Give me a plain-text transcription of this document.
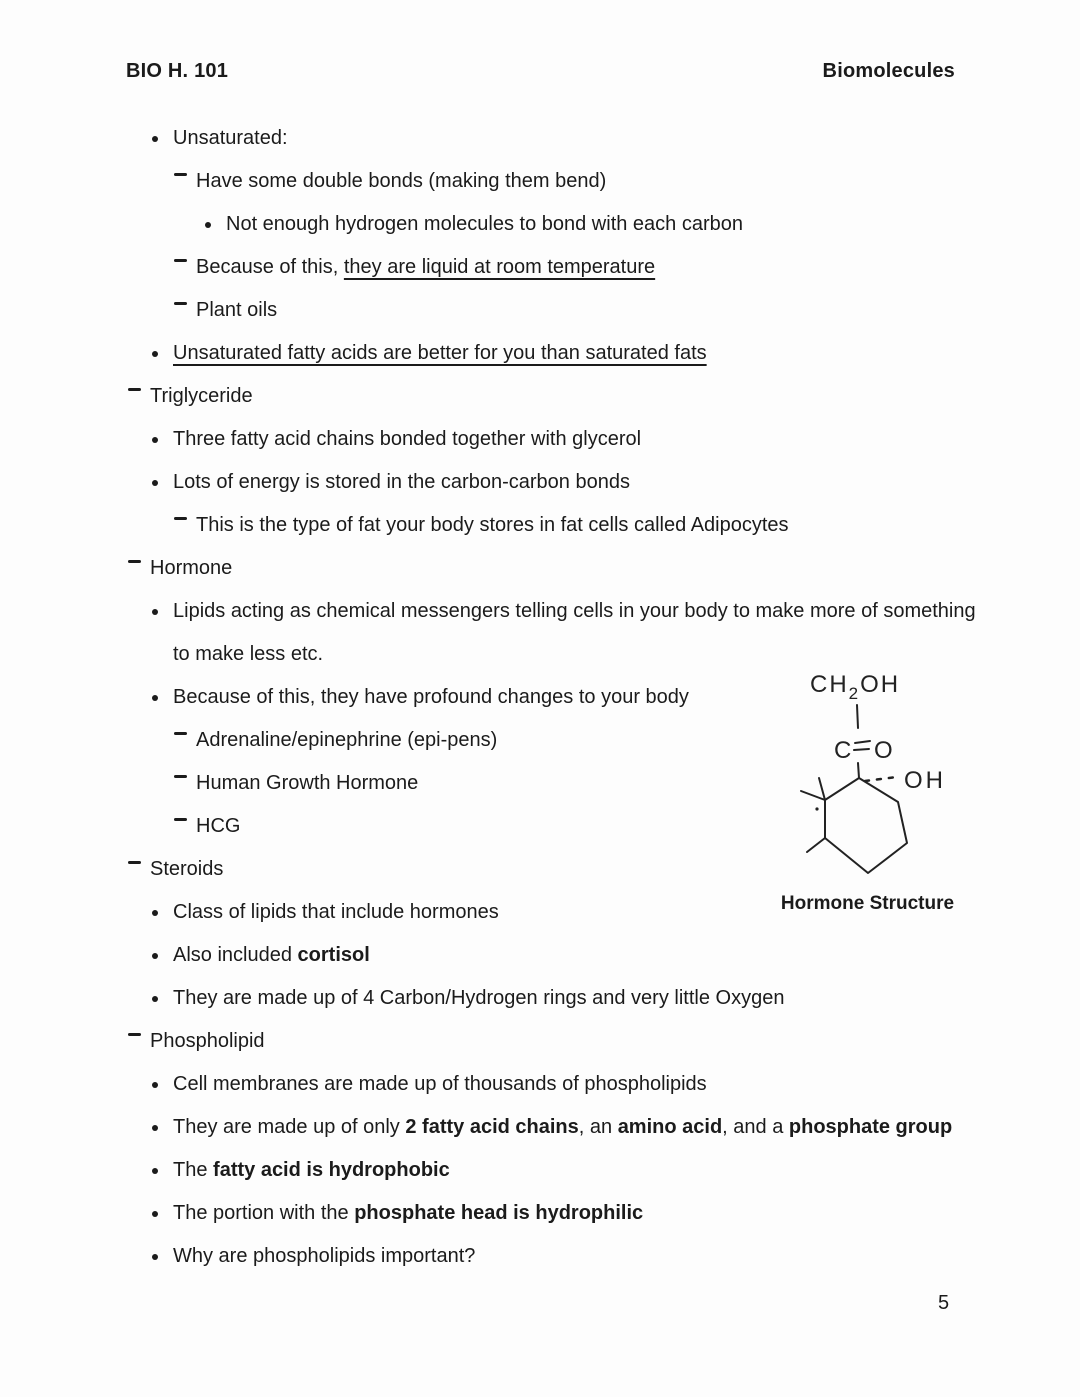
BIO H. 101	Biomolecules
Unsaturated:
Have some double bonds (making them bend)
Not enough hydrogen molecules to bond with each carbon
Because of this, they are liquid at room temperature
Plant oils
Unsaturated fatty acids are better for you than saturated fats
Triglyceride
Three fatty acid chains bonded together with glycerol
Lots of energy is stored in the carbon-carbon bonds
This is the type of fat your body stores in fat cells called Adipocytes
Hormone
Lipids acting as chemical messengers telling cells in your body to make more of something
to make less etc.
Because of this, they have profound changes to your body
Adrenaline/epinephrine (epi-pens)
Human Growth Hormone
HCG
Steroids
Class of lipids that include hormones
Also included cortisol
They are made up of 4 Carbon/Hydrogen rings and very little Oxygen
Phospholipid
Cell membranes are made up of thousands of phospholipids
They are made up of only 2 fatty acid chains, an amino acid, and a phosphate group
The fatty acid is hydrophobic
The portion with the phosphate head is hydrophilic
Why are phospholipids important?
$CH_2OH$
C O
OH
Hormone Structure
5
